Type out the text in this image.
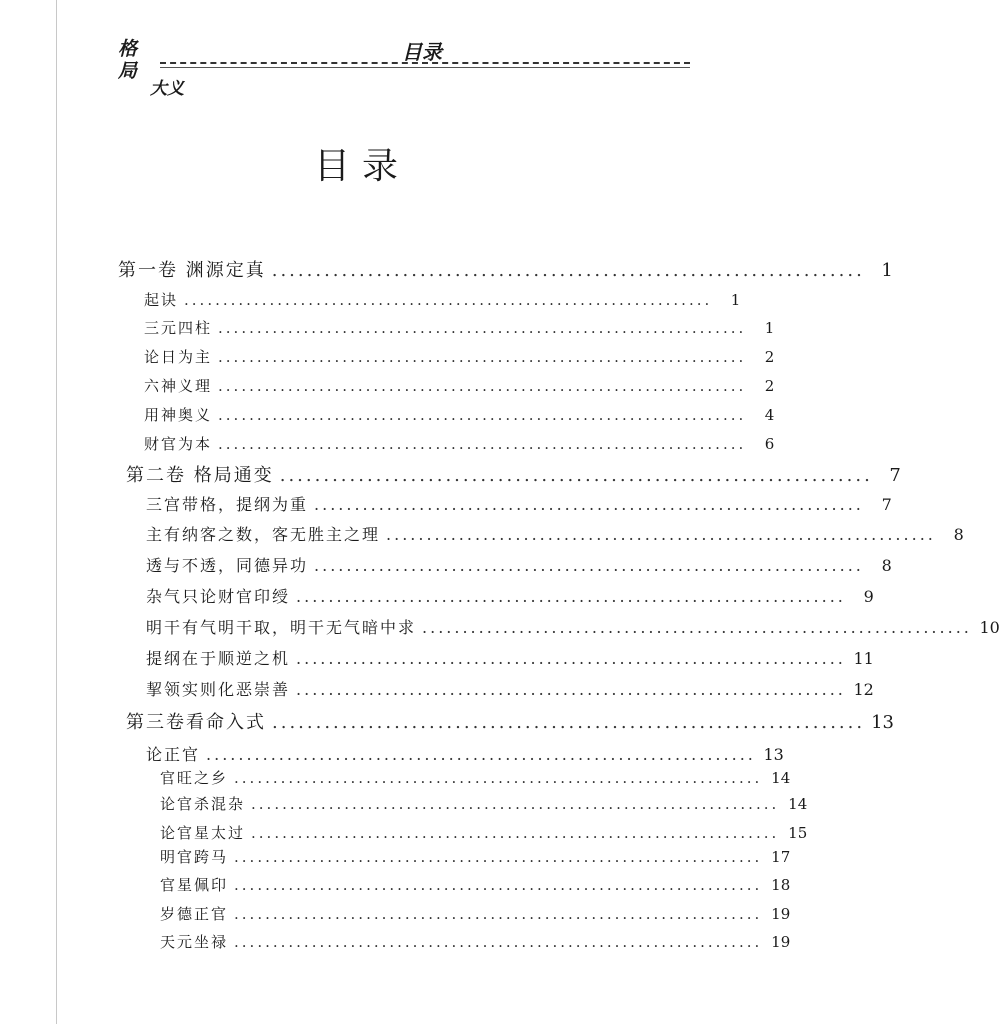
格
局
大义
目录
目录
第一卷 渊源定真 .................................................................... 1
起诀 ....................................................................	1
三元四柱 ....................................................................	1
论日为主 ....................................................................	2
六神义理 ....................................................................	2
用神奥义 ....................................................................	4
财官为本 ....................................................................	6
第二卷 格局通变 .................................................................... 7
三宫带格，提纲为重 ....................................................................	7
主有纳客之数，客无胜主之理 ....................................................................	8
透与不透，同德异功 ....................................................................	8
杂气只论财官印绶 ....................................................................	9
明干有气明干取，明干无气暗中求 .................................................................... 10
提纲在于顺逆之机 .................................................................... 11
挈领实则化恶崇善 .................................................................... 12
第三卷看命入式 .................................................................... 13
论正官 .................................................................... 13
官旺之乡 .................................................................... 14
论官杀混杂 .................................................................... 14
论官星太过 .................................................................... 15
明官跨马 .................................................................... 17
官星佩印 .................................................................... 18
岁德正官 .................................................................... 19
天元坐禄 .................................................................... 19
